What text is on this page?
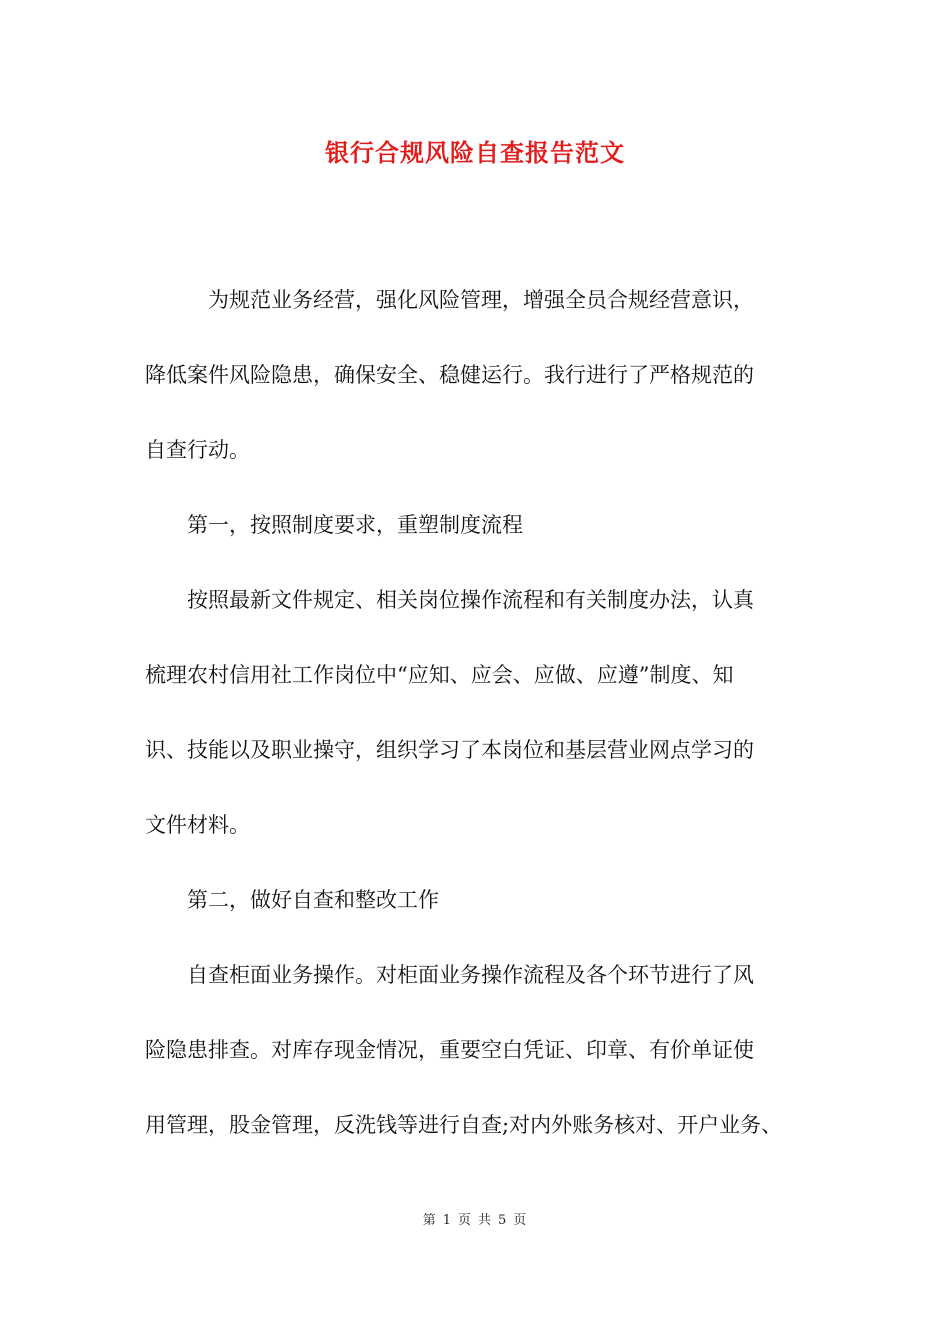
银行合规风险自查报告范文
　　　为规范业务经营，强化风险管理，增强全员合规经营意识，
降低案件风险隐患，确保安全、稳健运行。我行进行了严格规范的
自查行动。
　　第一，按照制度要求，重塑制度流程
　　按照最新文件规定、相关岗位操作流程和有关制度办法，认真
梳理农村信用社工作岗位中“应知、应会、应做、应遵”制度、知
识、技能以及职业操守，组织学习了本岗位和基层营业网点学习的
文件材料。
　　第二，做好自查和整改工作
　　自查柜面业务操作。对柜面业务操作流程及各个环节进行了风
险隐患排查。对库存现金情况，重要空白凭证、印章、有价单证使
用管理，股金管理，反洗钱等进行自查;对内外账务核对、开户业务、
第 1 页 共 5 页
